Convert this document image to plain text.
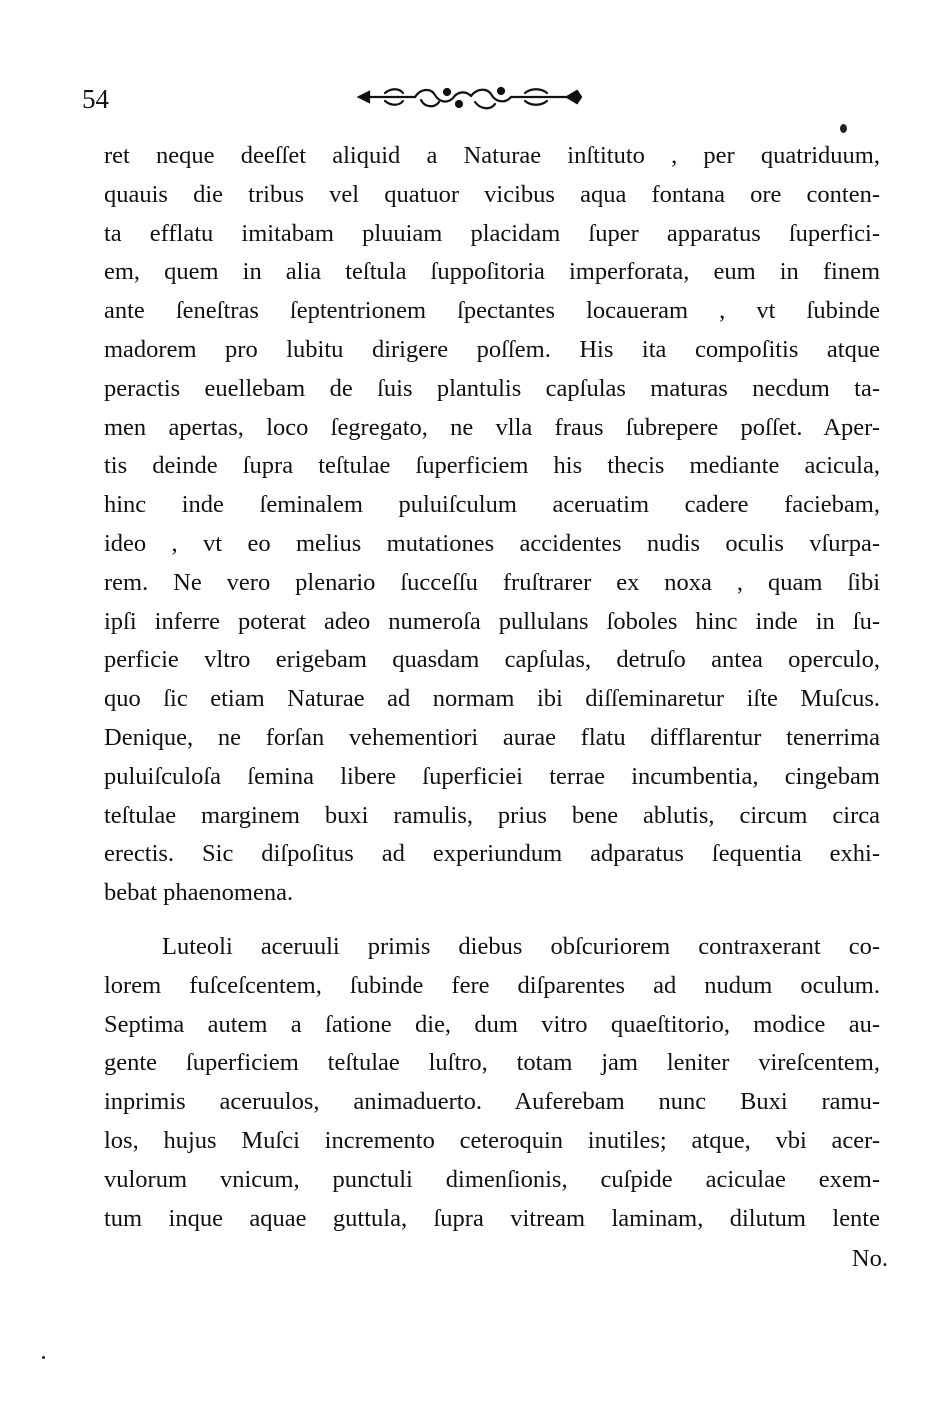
54
ret neque deeſſet aliquid a Naturae inſtituto , per quatriduum,
quauis die tribus vel quatuor vicibus aqua fontana ore conten-
ta efflatu imitabam pluuiam placidam ſuper apparatus ſuperfici-
em, quem in alia teſtula ſuppoſitoria imperforata, eum in finem
ante ſeneſtras ſeptentrionem ſpectantes locaueram , vt ſubinde
madorem pro lubitu dirigere poſſem. His ita compoſitis atque
peractis euellebam de ſuis plantulis capſulas maturas necdum ta-
men apertas, loco ſegregato, ne vlla fraus ſubrepere poſſet. Aper-
tis deinde ſupra teſtulae ſuperficiem his thecis mediante acicula,
hinc inde ſeminalem puluiſculum aceruatim cadere faciebam,
ideo , vt eo melius mutationes accidentes nudis oculis vſurpa-
rem. Ne vero plenario ſucceſſu fruſtrarer ex noxa , quam ſibi
ipſi inferre poterat adeo numeroſa pullulans ſoboles hinc inde in ſu-
perficie vltro erigebam quasdam capſulas, detruſo antea operculo,
quo ſic etiam Naturae ad normam ibi diſſeminaretur iſte Muſcus.
Denique, ne forſan vehementiori aurae flatu difflarentur tenerrima
puluiſculoſa ſemina libere ſuperficiei terrae incumbentia, cingebam
teſtulae marginem buxi ramulis, prius bene ablutis, circum circa
erectis. Sic diſpoſitus ad experiundum adparatus ſequentia exhi-
bebat phaenomena.
Luteoli aceruuli primis diebus obſcuriorem contraxerant co-
lorem fuſceſcentem, ſubinde fere diſparentes ad nudum oculum.
Septima autem a ſatione die, dum vitro quaeſtitorio, modice au-
gente ſuperficiem teſtulae luſtro, totam jam leniter vireſcentem,
inprimis aceruulos, animaduerto. Auferebam nunc Buxi ramu-
los, hujus Muſci incremento ceteroquin inutiles; atque, vbi acer-
vulorum vnicum, punctuli dimenſionis, cuſpide aciculae exem-
tum inque aquae guttula, ſupra vitream laminam, dilutum lente
No.
